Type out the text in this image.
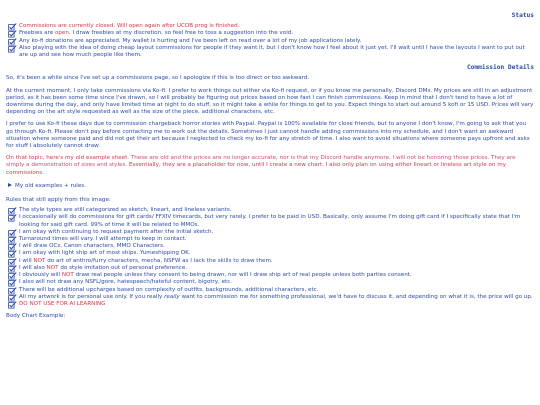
Status
Commissions are currently closed. Will open again after UCOB prog is finished.
Freebies are open. I draw freebies at my discretion, so feel free to toss a suggestion into the void.
Any ko-fi donations are appreciated. My wallet is hurting and I've been left on read over a lot of my job applications lately.
Also playing with the idea of doing cheap layout commissions for people if they want it, but I don't know how I feel about it just yet. I'll wait until I have the layouts I want to put out are up and see how much people like them.
Commission Details

So, it's been a while since I've set up a commissions page, so I apologize if this is too direct or too awkward.

At the current moment, I only take commissions via Ko-fi. I prefer to work things out either via Ko-fi request, or if you know me personally, Discord DMs. My prices are still in an adjustment period, as it has been some time since I've drawn, so I will probably be figuring out prices based on how fast I can finish commissions. Keep in mind that I don't tend to have a lot of downtime during the day, and only have limited time at night to do stuff, so it might take a while for things to get to you. Expect things to start out around 5 kofi or 15 USD. Prices will vary depending on the art style requested as well as the size of the piece, additional characters, etc.

I prefer to use Ko-fi these days due to commission chargeback horror stories with Paypal. Paypal is 100% available for close friends, but to anyone I don't know, I'm going to ask that you go through Ko-fi. Please don't pay before contacting me to work out the details. Sometimes I just cannot handle adding commissions into my schedule, and I don't want an awkward situation where someone paid and did not get their art because I neglected to check my ko-fi for any stretch of time. I also want to avoid situations where someone pays upfront and asks for stuff I absolutely cannot draw.

On that topic, here's my old example sheet. These are old and the prices are no longer accurate, nor is that my Discord handle anymore. I will not be honoring those prices. They are simply a demonstration of sizes and styles. Essentially, they are a placeholder for now, until I create a new chart. I also only plan on using either lineart or lineless art style on my commissions.

My old examples + rules.
Rules that still apply from this image:
The style types are still categorized as sketch, lineart, and lineless variants.
I occasionally will do commissions for gift cards/ FFXIV timecards, but very rarely. I prefer to be paid in USD. Basically, only assume I'm doing gift card if I specifically state that I'm looking for said gift card. 99% of time it will be related to MMOs.
I am okay with continuing to request payment after the initial sketch.
Turnaround times will vary. I will attempt to keep in contact.
I will draw OCs, Canon characters, MMO Characters.
I am okay with light ship art of most ships. Yumeshipping OK.
I will NOT do art of anthro/furry characters, mecha, NSFW as I lack the skills to draw them.
I will also NOT do style imitation out of personal preference.
I obviously will NOT draw real people unless they consent to being drawn, nor will I draw ship art of real people unless both parties consent.
I also will not draw any NSFL/gore, hatespeech/hateful content, bigotry, etc.
There will be additional upcharges based on complexity of outfits, backgrounds, additional characters, etc.
All my artwork is for personal use only. If you really really want to commission me for something professional, we'd have to discuss it, and depending on what it is, the price will go up.
DO NOT USE FOR AI LEARNING
Body Chart Example:
